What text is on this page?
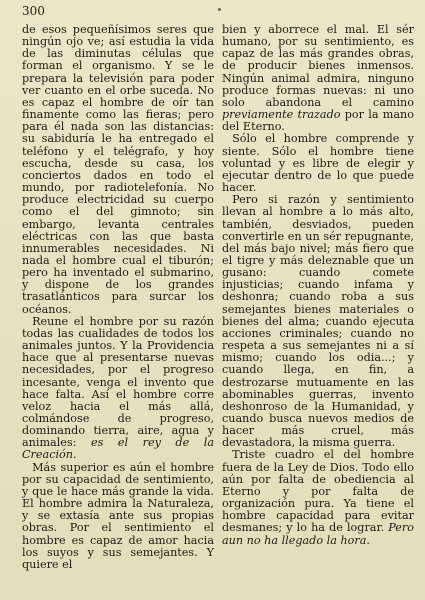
300

de esos pequeñísimos seres que ningún ojo ve; así estudia la vida de las diminutas células que forman el organismo. Y se le prepara la televisión para poder ver cuanto en el orbe suceda. No es capaz el hombre de oír tan finamente como las fieras; pero para él nada son las distancias: su sabiduría le ha entregado el teléfono y el telégrafo, y hoy escucha, desde su casa, los conciertos dados en todo el mundo, por radiotelefonía. No produce electricidad su cuerpo como el del gimnoto; sin embargo, levanta centrales eléctricas con las que basta innumerables necesidades. Ni nada el hombre cual el tiburón; pero ha inventado el submarino, y dispone de los grandes trasatlánticos para surcar los océanos.

Reune el hombre por su razón todas las cualidades de todos los animales juntos. Y la Providencia hace que al presentarse nuevas necesidades, por el progreso incesante, venga el invento que hace falta. Así el hombre corre veloz hacia el más allá, colmándose de progreso, dominando tierra, aire, agua y animales: es el rey de la Creación.

Más superior es aún el hombre por su capacidad de sentimiento, y que le hace más grande la vida. El hombre admira la Naturaleza, y se extasía ante sus propias obras. Por el sentimiento el hombre es capaz de amor hacia los suyos y sus semejantes. Y quiere el

bien y aborrece el mal. El sér humano, por su sentimiento, es capaz de las más grandes obras, de producir bienes inmensos. Ningún animal admira, ninguno produce formas nuevas: ni uno solo abandona el camino previamente trazado por la mano del Eterno.

Sólo el hombre comprende y siente. Sólo el hombre tiene voluntad y es libre de elegir y ejecutar dentro de lo que puede hacer.

Pero si razón y sentimiento llevan al hombre a lo más alto, también, desviados, pueden convertirle en un sér repugnante, del más bajo nivel; más fiero que el tigre y más deleznable que un gusano: cuando comete injusticias; cuando infama y deshonra; cuando roba a sus semejantes bienes materiales o bienes del alma; cuando ejecuta acciones criminales; cuando no respeta a sus semejantes ni a sí mismo; cuando los odia...; y cuando llega, en fin, a destrozarse mutuamente en las abominables guerras, invento deshonroso de la Humanidad, y cuando busca nuevos medios de hacer más cruel, más devastadora, la misma guerra.

Triste cuadro el del hombre fuera de la Ley de Dios. Todo ello aún por falta de obediencia al Eterno y por falta de organización pura. Ya tiene el hombre capacidad para evitar desmanes; y lo ha de lograr. Pero aun no ha llegado la hora.
